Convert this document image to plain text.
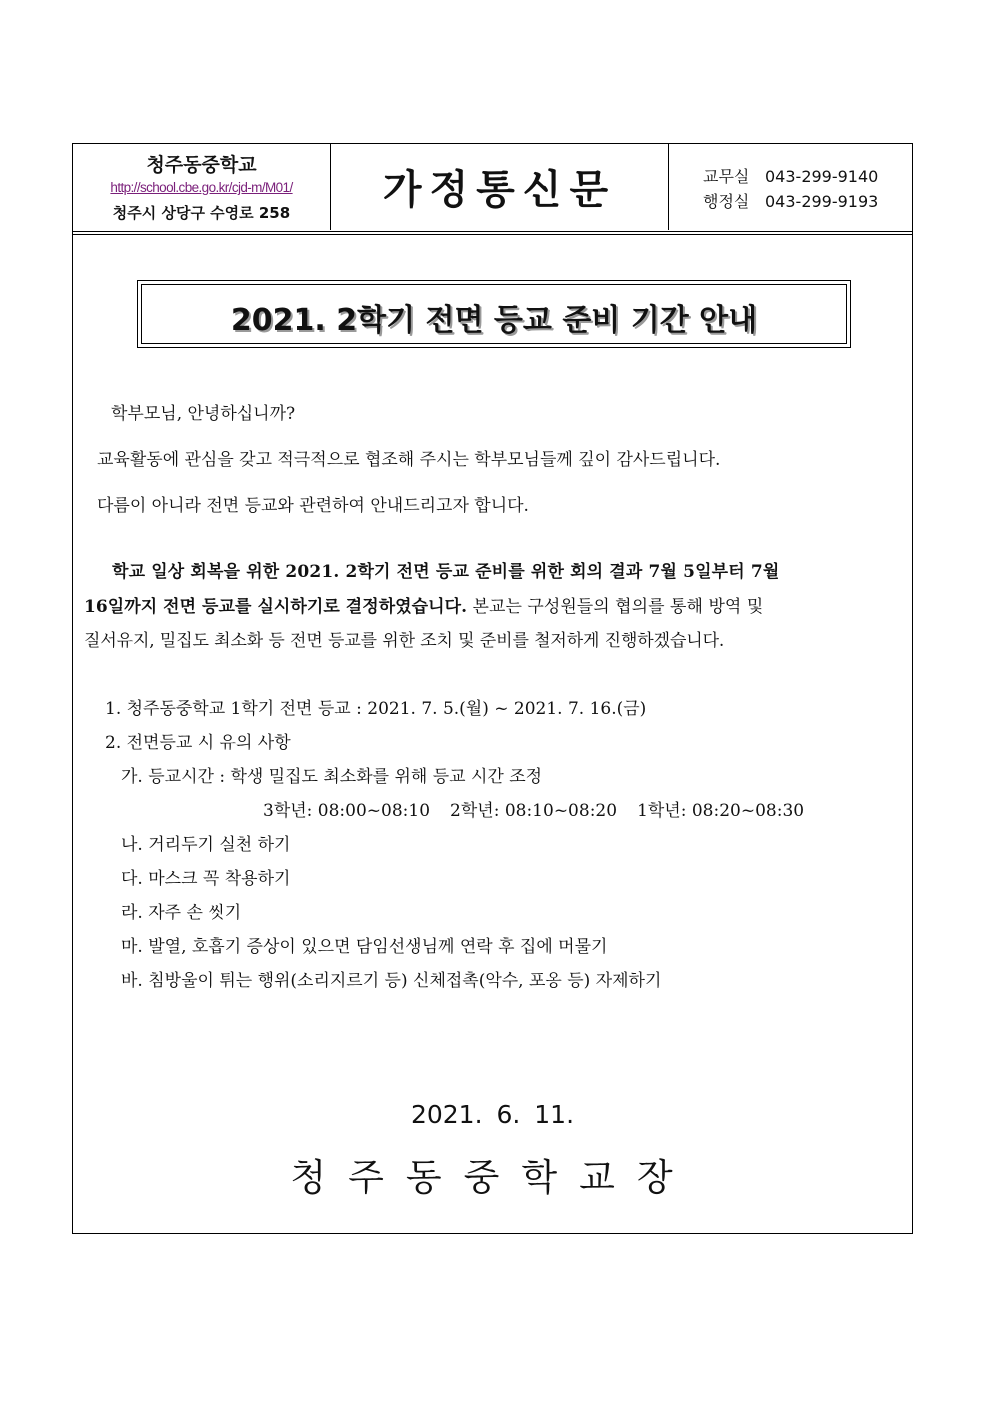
청주동중학교
http://school.cbe.go.kr/cjd-m/M01/
청주시 상당구 수영로 258	가정통신문	교무실 043-299-9140
행정실 043-299-9193
2021. 2학기 전면 등교 준비 기간 안내
학부모님, 안녕하십니까?
교육활동에 관심을 갖고 적극적으로 협조해 주시는 학부모님들께 깊이 감사드립니다.
다름이 아니라 전면 등교와 관련하여 안내드리고자 합니다.
학교 일상 회복을 위한 2021. 2학기 전면 등교 준비를 위한 회의 결과 7월 5일부터 7월
16일까지 전면 등교를 실시하기로 결정하였습니다. 본교는 구성원들의 협의를 통해 방역 및
질서유지, 밀집도 최소화 등 전면 등교를 위한 조치 및 준비를 철저하게 진행하겠습니다.
1. 청주동중학교 1학기 전면 등교 : 2021. 7. 5.(월) ~ 2021. 7. 16.(금)
2. 전면등교 시 유의 사항
가. 등교시간 : 학생 밀집도 최소화를 위해 등교 시간 조정
3학년: 08:00~08:10 2학년: 08:10~08:20 1학년: 08:20~08:30
나. 거리두기 실천 하기
다. 마스크 꼭 착용하기
라. 자주 손 씻기
마. 발열, 호흡기 증상이 있으면 담임선생님께 연락 후 집에 머물기
바. 침방울이 튀는 행위(소리지르기 등) 신체접촉(악수, 포옹 등) 자제하기
2021. 6. 11.
청주동중학교장
